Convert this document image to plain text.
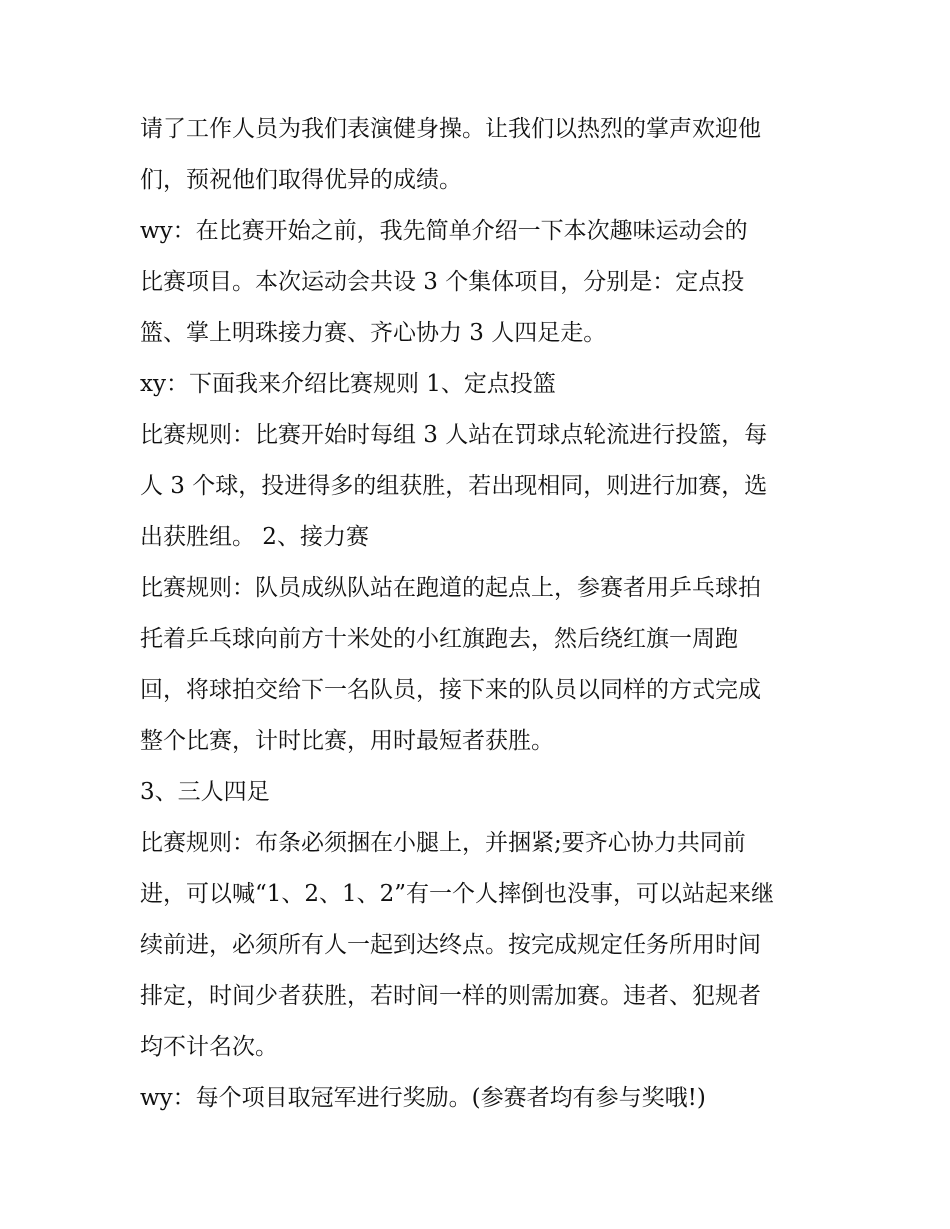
请了工作人员为我们表演健身操。让我们以热烈的掌声欢迎他
们，预祝他们取得优异的成绩。
wy：在比赛开始之前，我先简单介绍一下本次趣味运动会的
比赛项目。本次运动会共设 3 个集体项目，分别是：定点投
篮、掌上明珠接力赛、齐心协力 3 人四足走。
xy：下面我来介绍比赛规则 1、定点投篮
比赛规则：比赛开始时每组 3 人站在罚球点轮流进行投篮，每
人 3 个球，投进得多的组获胜，若出现相同，则进行加赛，选
出获胜组。 2、接力赛
比赛规则：队员成纵队站在跑道的起点上，参赛者用乒乓球拍
托着乒乓球向前方十米处的小红旗跑去，然后绕红旗一周跑
回，将球拍交给下一名队员，接下来的队员以同样的方式完成
整个比赛，计时比赛，用时最短者获胜。
3、三人四足
比赛规则：布条必须捆在小腿上，并捆紧;要齐心协力共同前
进，可以喊“1、2、1、2”有一个人摔倒也没事，可以站起来继
续前进，必须所有人一起到达终点。按完成规定任务所用时间
排定，时间少者获胜，若时间一样的则需加赛。违者、犯规者
均不计名次。
wy：每个项目取冠军进行奖励。(参赛者均有参与奖哦!)
